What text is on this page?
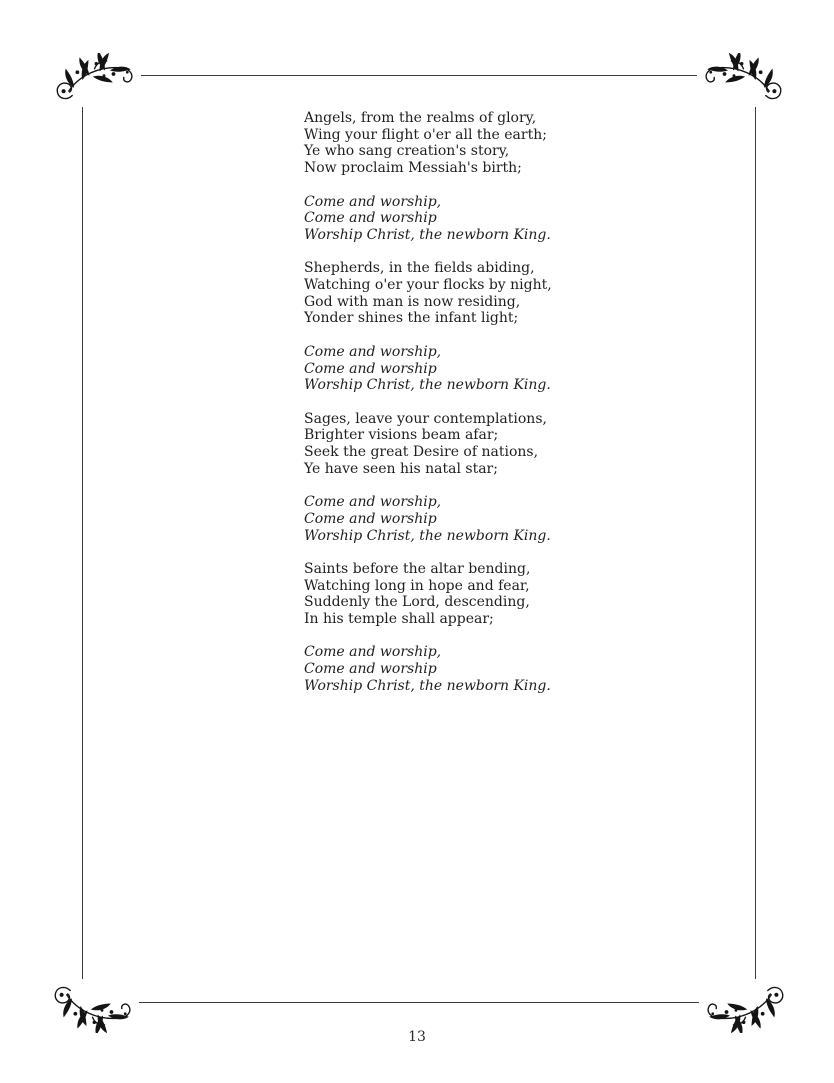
Angels, from the realms of glory,
Wing your flight o'er all the earth;
Ye who sang creation's story,
Now proclaim Messiah's birth;
Come and worship,
Come and worship
Worship Christ, the newborn King.
Shepherds, in the fields abiding,
Watching o'er your flocks by night,
God with man is now residing,
Yonder shines the infant light;
Come and worship,
Come and worship
Worship Christ, the newborn King.
Sages, leave your contemplations,
Brighter visions beam afar;
Seek the great Desire of nations,
Ye have seen his natal star;
Come and worship,
Come and worship
Worship Christ, the newborn King.
Saints before the altar bending,
Watching long in hope and fear,
Suddenly the Lord, descending,
In his temple shall appear;
Come and worship,
Come and worship
Worship Christ, the newborn King.
13
